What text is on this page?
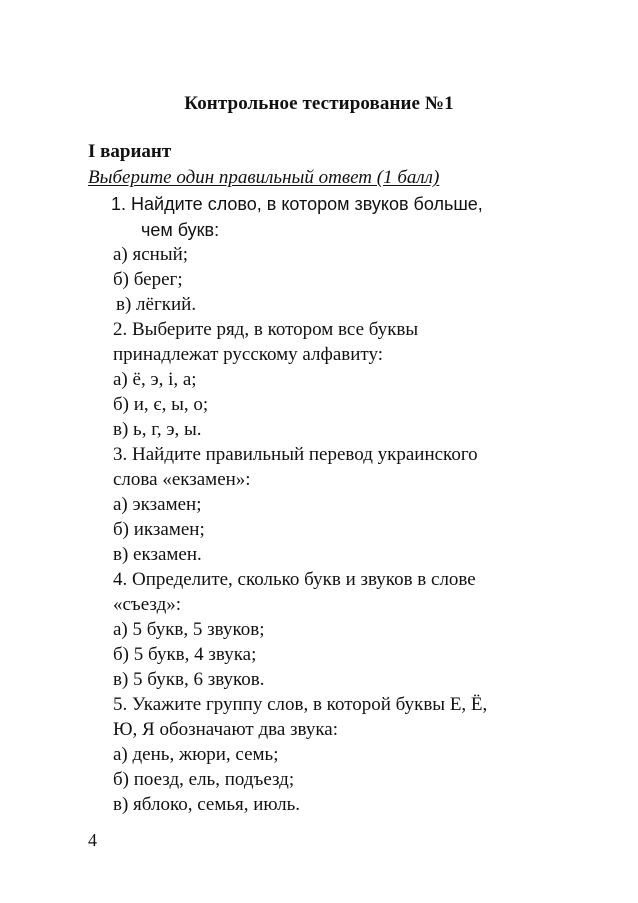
Контрольное тестирование №1
I вариант
Выберите один правильный ответ (1 балл)
1. Найдите слово, в котором звуков больше,
чем букв:
а) ясный;
б) берег;
в) лёгкий.
2. Выберите ряд, в котором все буквы
принадлежат русскому алфавиту:
а) ё, э, і, а;
б) и, є, ы, о;
в) ь, г, э, ы.
3. Найдите правильный перевод украинского
слова «екзамен»:
а) экзамен;
б) икзамен;
в) екзамен.
4. Определите, сколько букв и звуков в слове
«съезд»:
а) 5 букв, 5 звуков;
б) 5 букв, 4 звука;
в) 5 букв, 6 звуков.
5. Укажите группу слов, в которой буквы Е, Ё,
Ю, Я обозначают два звука:
а) день, жюри, семь;
б) поезд, ель, подъезд;
в) яблоко, семья, июль.
4
